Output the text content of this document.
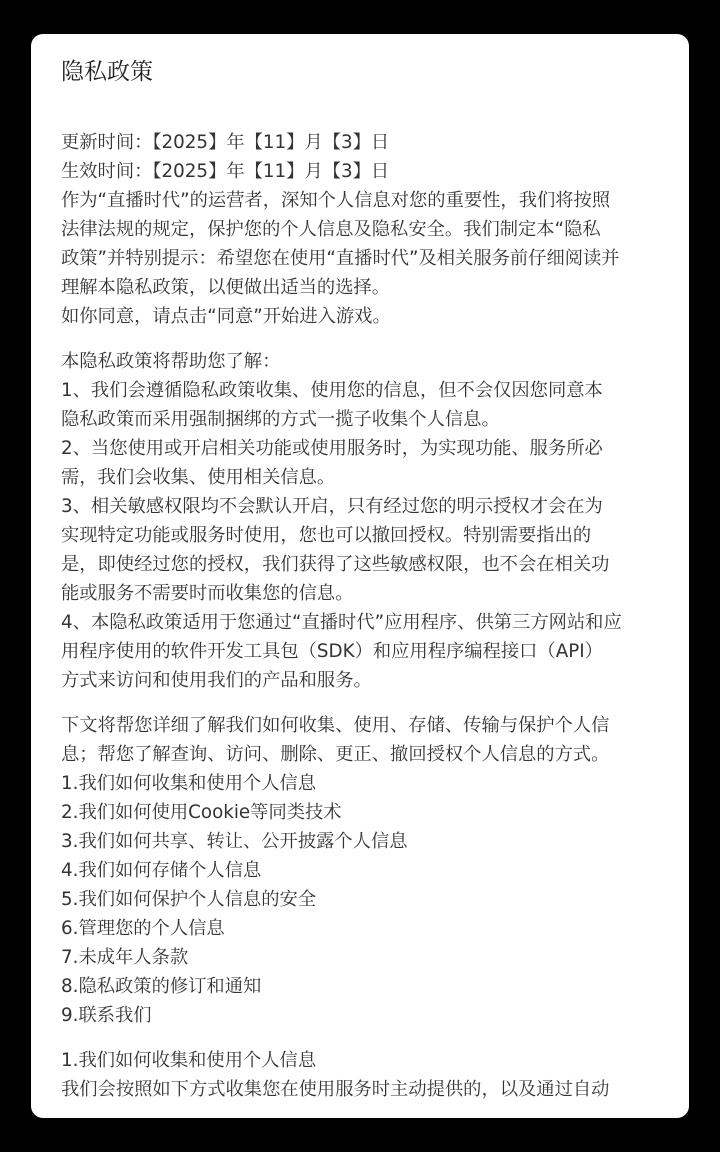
隐私政策
更新时间：【2025】年【11】月【3】日
生效时间：【2025】年【11】月【3】日
作为“直播时代”的运营者，深知个人信息对您的重要性，我们将按照
法律法规的规定，保护您的个人信息及隐私安全。我们制定本“隐私
政策”并特别提示：希望您在使用“直播时代”及相关服务前仔细阅读并
理解本隐私政策，以便做出适当的选择。
如你同意，请点击“同意”开始进入游戏。
本隐私政策将帮助您了解：
1、我们会遵循隐私政策收集、使用您的信息，但不会仅因您同意本
隐私政策而采用强制捆绑的方式一揽子收集个人信息。
2、当您使用或开启相关功能或使用服务时，为实现功能、服务所必
需，我们会收集、使用相关信息。
3、相关敏感权限均不会默认开启，只有经过您的明示授权才会在为
实现特定功能或服务时使用，您也可以撤回授权。特别需要指出的
是，即使经过您的授权，我们获得了这些敏感权限，也不会在相关功
能或服务不需要时而收集您的信息。
4、本隐私政策适用于您通过“直播时代”应用程序、供第三方网站和应
用程序使用的软件开发工具包（SDK）和应用程序编程接口（API）
方式来访问和使用我们的产品和服务。
下文将帮您详细了解我们如何收集、使用、存储、传输与保护个人信
息；帮您了解查询、访问、删除、更正、撤回授权个人信息的方式。
1.我们如何收集和使用个人信息
2.我们如何使用Cookie等同类技术
3.我们如何共享、转让、公开披露个人信息
4.我们如何存储个人信息
5.我们如何保护个人信息的安全
6.管理您的个人信息
7.未成年人条款
8.隐私政策的修订和通知
9.联系我们
1.我们如何收集和使用个人信息
我们会按照如下方式收集您在使用服务时主动提供的，以及通过自动
